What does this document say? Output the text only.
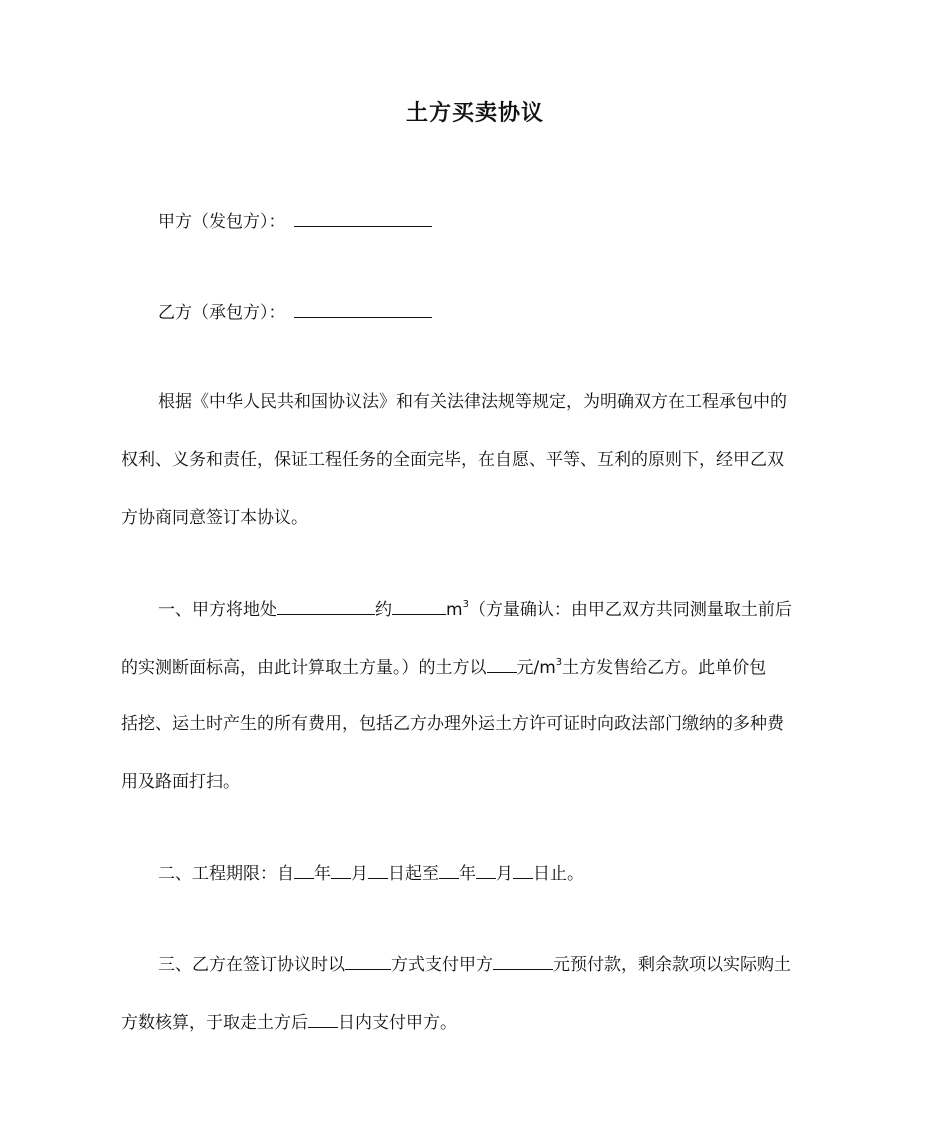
土方买卖协议
甲方（发包方）：
乙方（承包方）：
根据《中华人民共和国协议法》和有关法律法规等规定，为明确双方在工程承包中的
权利、义务和责任，保证工程任务的全面完毕，在自愿、平等、互利的原则下，经甲乙双
方协商同意签订本协议。
一、甲方将地处	约	$m^3$（方量确认：由甲乙双方共同测量取土前后
的实测断面标高，由此计算取土方量。）的土方以 元$/m^3$土方发售给乙方。此单价包
括挖、运土时产生的所有费用，包括乙方办理外运土方许可证时向政法部门缴纳的多种费
用及路面打扫。
二、工程期限：自 年 月 日起至 年 月 日止。
三、乙方在签订协议时以	方式支付甲方	元预付款，剩余款项以实际购土
方数核算，于取走土方后 日内支付甲方。
